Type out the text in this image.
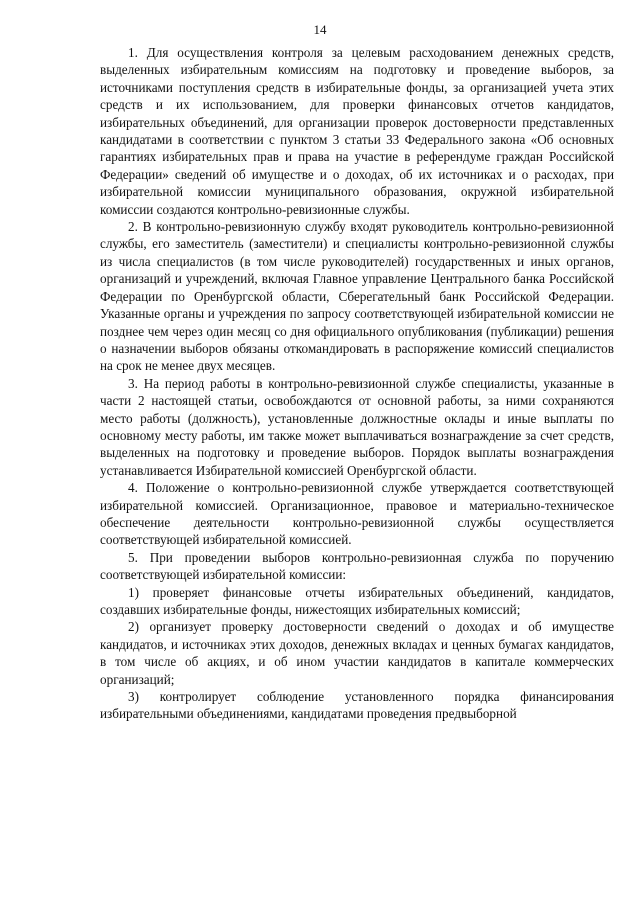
14

1. Для осуществления контроля за целевым расходованием денежных средств, выделенных избирательным комиссиям на подготовку и проведение выборов, за источниками поступления средств в избирательные фонды, за организацией учета этих средств и их использованием, для проверки финансовых отчетов кандидатов, избирательных объединений, для организации проверок достоверности представленных кандидатами в соответствии с пунктом 3 статьи 33 Федерального закона «Об основных гарантиях избирательных прав и права на участие в референдуме граждан Российской Федерации» сведений об имуществе и о доходах, об их источниках и о расходах, при избирательной комиссии муниципального образования, окружной избирательной комиссии создаются контрольно-ревизионные службы.

2. В контрольно-ревизионную службу входят руководитель контрольно-ревизионной службы, его заместитель (заместители) и специалисты контрольно-ревизионной службы из числа специалистов (в том числе руководителей) государственных и иных органов, организаций и учреждений, включая Главное управление Центрального банка Российской Федерации по Оренбургской области, Сберегательный банк Российской Федерации. Указанные органы и учреждения по запросу соответствующей избирательной комиссии не позднее чем через один месяц со дня официального опубликования (публикации) решения о назначении выборов обязаны откомандировать в распоряжение комиссий специалистов на срок не менее двух месяцев.

3. На период работы в контрольно-ревизионной службе специалисты, указанные в части 2 настоящей статьи, освобождаются от основной работы, за ними сохраняются место работы (должность), установленные должностные оклады и иные выплаты по основному месту работы, им также может выплачиваться вознаграждение за счет средств, выделенных на подготовку и проведение выборов. Порядок выплаты вознаграждения устанавливается Избирательной комиссией Оренбургской области.

4. Положение о контрольно-ревизионной службе утверждается соответствующей избирательной комиссией. Организационное, правовое и материально-техническое обеспечение деятельности контрольно-ревизионной службы осуществляется соответствующей избирательной комиссией.

5. При проведении выборов контрольно-ревизионная служба по поручению соответствующей избирательной комиссии:

1) проверяет финансовые отчеты избирательных объединений, кандидатов, создавших избирательные фонды, нижестоящих избирательных комиссий;

2) организует проверку достоверности сведений о доходах и об имуществе кандидатов, и источниках этих доходов, денежных вкладах и ценных бумагах кандидатов, в том числе об акциях, и об ином участии кандидатов в капитале коммерческих организаций;

3) контролирует соблюдение установленного порядка финансирования избирательными объединениями, кандидатами проведения предвыборной
